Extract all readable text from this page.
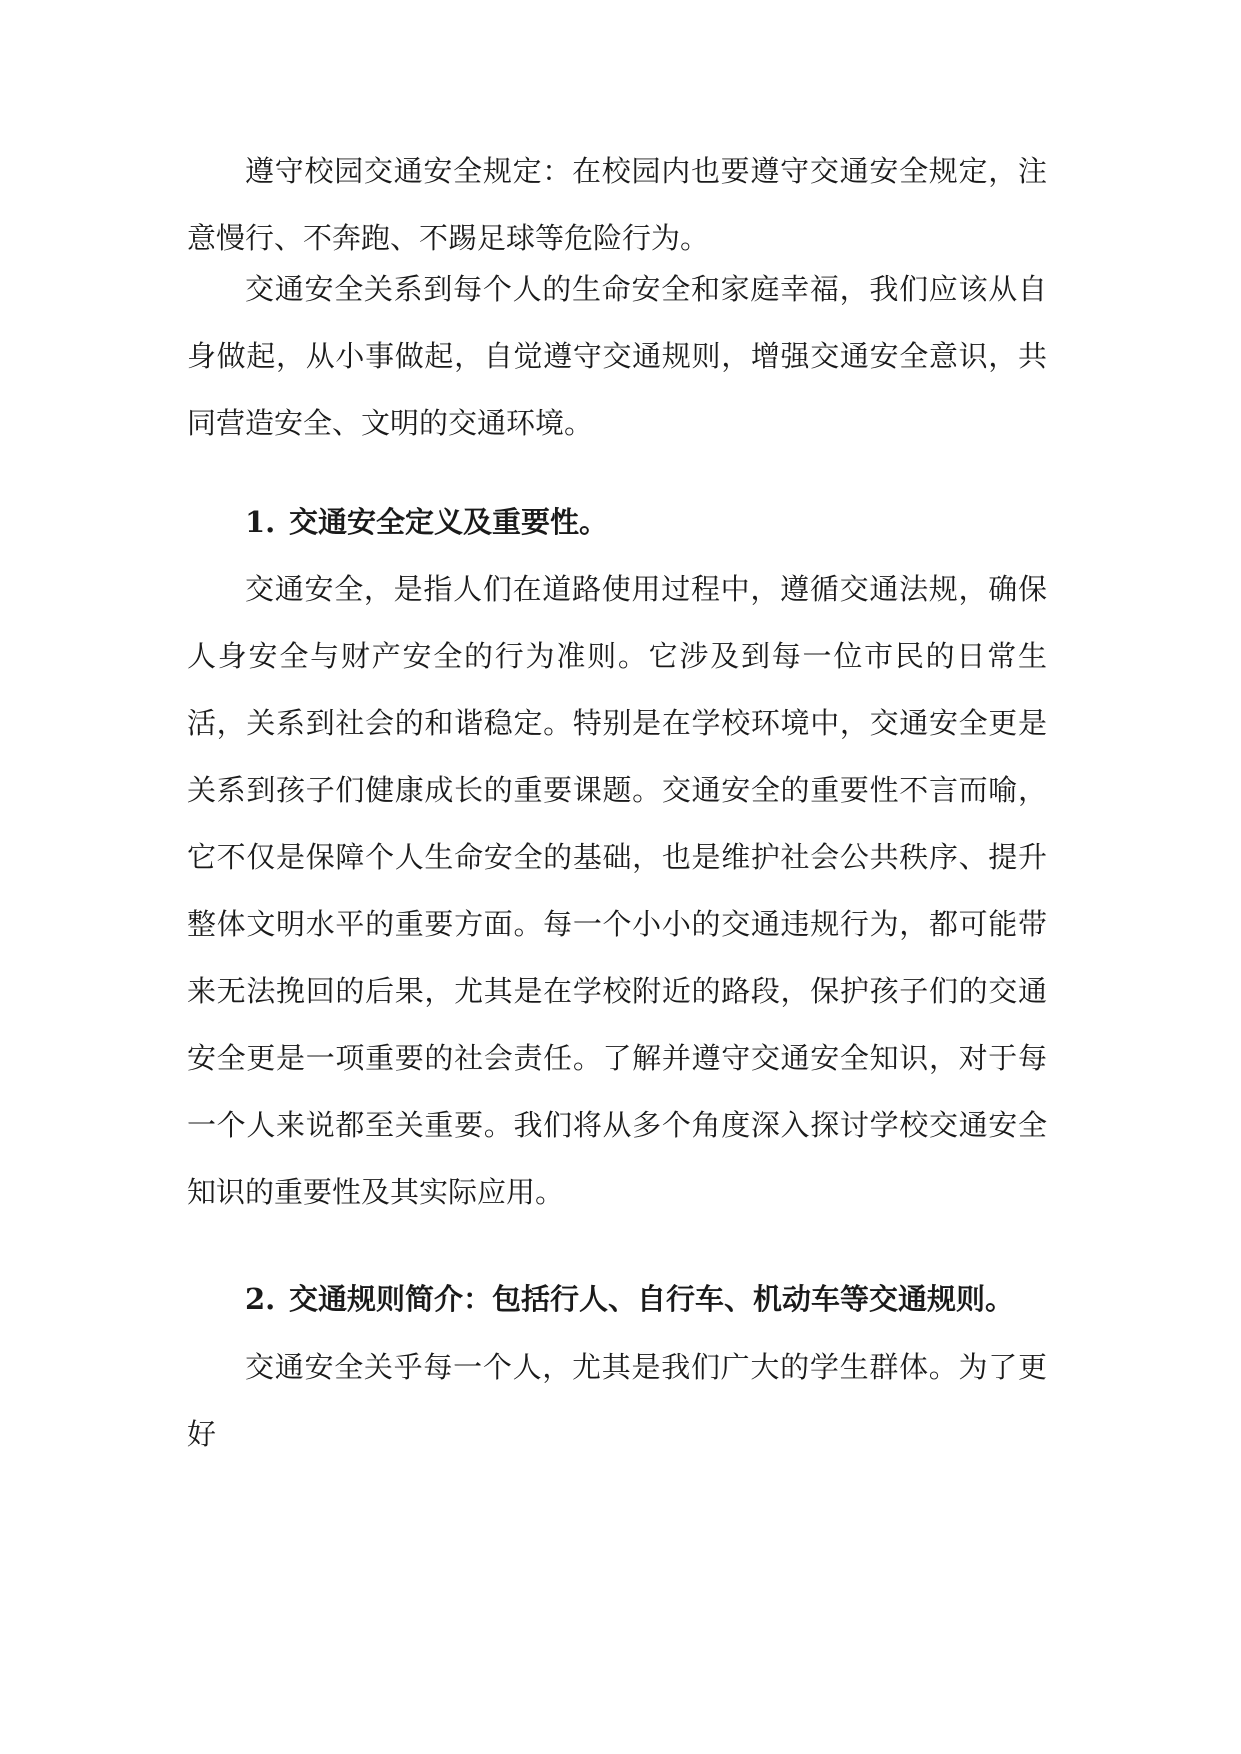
遵守校园交通安全规定：在校园内也要遵守交通安全规定，注意慢行、不奔跑、不踢足球等危险行为。

交通安全关系到每个人的生命安全和家庭幸福，我们应该从自身做起，从小事做起，自觉遵守交通规则，增强交通安全意识，共同营造安全、文明的交通环境。

1. 交通安全定义及重要性。

交通安全，是指人们在道路使用过程中，遵循交通法规，确保人身安全与财产安全的行为准则。它涉及到每一位市民的日常生活，关系到社会的和谐稳定。特别是在学校环境中，交通安全更是关系到孩子们健康成长的重要课题。交通安全的重要性不言而喻，它不仅是保障个人生命安全的基础，也是维护社会公共秩序、提升整体文明水平的重要方面。每一个小小的交通违规行为，都可能带来无法挽回的后果，尤其是在学校附近的路段，保护孩子们的交通安全更是一项重要的社会责任。了解并遵守交通安全知识，对于每一个人来说都至关重要。我们将从多个角度深入探讨学校交通安全知识的重要性及其实际应用。

2. 交通规则简介：包括行人、自行车、机动车等交通规则。

交通安全关乎每一个人，尤其是我们广大的学生群体。为了更好
